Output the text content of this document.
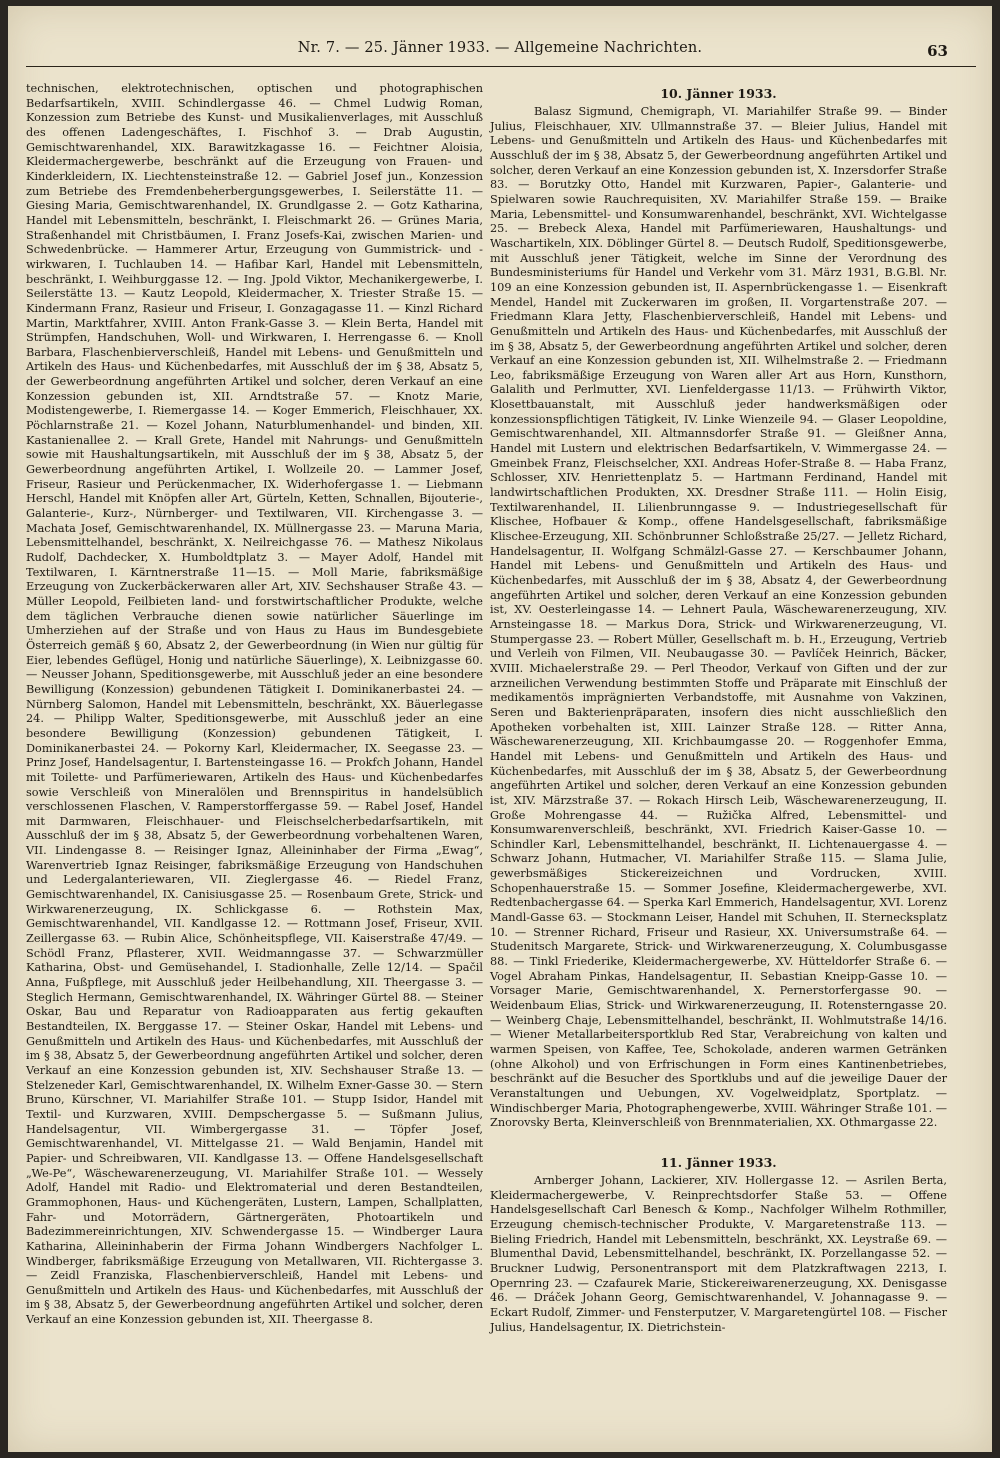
Nr. 7. — 25. Jänner 1933. — Allgemeine Nachrichten.	63

technischen, elektrotechnischen, optischen und photographischen Bedarfsartikeln, XVIII. Schindlergasse 46. — Chmel Ludwig Roman, Konzession zum Betriebe des Kunst- und Musikalienverlages, mit Ausschluß des offenen Ladengeschäftes, I. Fischhof 3. — Drab Augustin, Gemischtwarenhandel, XIX. Barawitzkagasse 16. — Feichtner Aloisia, Kleidermachergewerbe, beschränkt auf die Erzeugung von Frauen- und Kinderkleidern, IX. Liechtensteinstraße 12. — Gabriel Josef jun., Konzession zum Betriebe des Fremdenbeherbergungsgewerbes, I. Seilerstätte 11. — Giesing Maria, Gemischtwarenhandel, IX. Grundlgasse 2. — Gotz Katharina, Handel mit Lebensmitteln, beschränkt, I. Fleischmarkt 26. — Grünes Maria, Straßenhandel mit Christbäumen, I. Franz Josefs-Kai, zwischen Marien- und Schwedenbrücke. — Hammerer Artur, Erzeugung von Gummistrick- und -wirkwaren, I. Tuchlauben 14. — Hafibar Karl, Handel mit Lebensmitteln, beschränkt, I. Weihburggasse 12. — Ing. Jpold Viktor, Mechanikergewerbe, I. Seilerstätte 13. — Kautz Leopold, Kleidermacher, X. Triester Straße 15. — Kindermann Franz, Rasieur und Friseur, I. Gonzagagasse 11. — Kinzl Richard Martin, Marktfahrer, XVIII. Anton Frank-Gasse 3. — Klein Berta, Handel mit Strümpfen, Handschuhen, Woll- und Wirkwaren, I. Herrengasse 6. — Knoll Barbara, Flaschenbierverschleiß, Handel mit Lebens- und Genußmitteln und Artikeln des Haus- und Küchenbedarfes, mit Ausschluß der im § 38, Absatz 5, der Gewerbeordnung angeführten Artikel und solcher, deren Verkauf an eine Konzession gebunden ist, XII. Arndtstraße 57. — Knotz Marie, Modistengewerbe, I. Riemergasse 14. — Koger Emmerich, Fleischhauer, XX. Pöchlarnstraße 21. — Kozel Johann, Naturblumenhandel- und binden, XII. Kastanienallee 2. — Krall Grete, Handel mit Nahrungs- und Genußmitteln sowie mit Haushaltungsartikeln, mit Ausschluß der im § 38, Absatz 5, der Gewerbeordnung angeführten Artikel, I. Wollzeile 20. — Lammer Josef, Friseur, Rasieur und Perückenmacher, IX. Widerhofergasse 1. — Liebmann Herschl, Handel mit Knöpfen aller Art, Gürteln, Ketten, Schnallen, Bijouterie-, Galanterie-, Kurz-, Nürnberger- und Textilwaren, VII. Kirchengasse 3. — Machata Josef, Gemischtwarenhandel, IX. Müllnergasse 23. — Maruna Maria, Lebensmittelhandel, beschränkt, X. Neilreichgasse 76. — Mathesz Nikolaus Rudolf, Dachdecker, X. Humboldtplatz 3. — Mayer Adolf, Handel mit Textilwaren, I. Kärntnerstraße 11—15. — Moll Marie, fabriksmäßige Erzeugung von Zuckerbäckerwaren aller Art, XIV. Sechshauser Straße 43. — Müller Leopold, Feilbieten land- und forstwirtschaftlicher Produkte, welche dem täglichen Verbrauche dienen sowie natürlicher Säuerlinge im Umherziehen auf der Straße und von Haus zu Haus im Bundesgebiete Österreich gemäß § 60, Absatz 2, der Gewerbeordnung (in Wien nur gültig für Eier, lebendes Geflügel, Honig und natürliche Säuerlinge), X. Leibnizgasse 60. — Neusser Johann, Speditionsgewerbe, mit Ausschluß jeder an eine besondere Bewilligung (Konzession) gebundenen Tätigkeit I. Dominikanerbastei 24. — Nürnberg Salomon, Handel mit Lebensmitteln, beschränkt, XX. Bäuerlegasse 24. — Philipp Walter, Speditionsgewerbe, mit Ausschluß jeder an eine besondere Bewilligung (Konzession) gebundenen Tätigkeit, I. Dominikanerbastei 24. — Pokorny Karl, Kleidermacher, IX. Seegasse 23. — Prinz Josef, Handelsagentur, I. Bartensteingasse 16. — Prokfch Johann, Handel mit Toilette- und Parfümeriewaren, Artikeln des Haus- und Küchenbedarfes sowie Verschleiß von Mineralölen und Brennspiritus in handelsüblich verschlossenen Flaschen, V. Ramperstorffergasse 59. — Rabel Josef, Handel mit Darmwaren, Fleischhauer- und Fleischselcherbedarfsartikeln, mit Ausschluß der im § 38, Absatz 5, der Gewerbeordnung vorbehaltenen Waren, VII. Lindengasse 8. — Reisinger Ignaz, Alleininhaber der Firma „Ewag“, Warenvertrieb Ignaz Reisinger, fabriksmäßige Erzeugung von Handschuhen und Ledergalanteriewaren, VII. Zieglergasse 46. — Riedel Franz, Gemischtwarenhandel, IX. Canisiusgasse 25. — Rosenbaum Grete, Strick- und Wirkwarenerzeugung, IX. Schlickgasse 6. — Rothstein Max, Gemischtwarenhandel, VII. Kandlgasse 12. — Rottmann Josef, Friseur, XVII. Zeillergasse 63. — Rubin Alice, Schönheitspflege, VII. Kaiserstraße 47/49. — Schödl Franz, Pflasterer, XVII. Weidmanngasse 37. — Schwarzmüller Katharina, Obst- und Gemüsehandel, I. Stadionhalle, Zelle 12/14. — Spačil Anna, Fußpflege, mit Ausschluß jeder Heilbehandlung, XII. Theergasse 3. — Steglich Hermann, Gemischtwarenhandel, IX. Währinger Gürtel 88. — Steiner Oskar, Bau und Reparatur von Radioapparaten aus fertig gekauften Bestandteilen, IX. Berggasse 17. — Steiner Oskar, Handel mit Lebens- und Genußmitteln und Artikeln des Haus- und Küchenbedarfes, mit Ausschluß der im § 38, Absatz 5, der Gewerbeordnung angeführten Artikel und solcher, deren Verkauf an eine Konzession gebunden ist, XIV. Sechshauser Straße 13. — Stelzeneder Karl, Gemischtwarenhandel, IX. Wilhelm Exner-Gasse 30. — Stern Bruno, Kürschner, VI. Mariahilfer Straße 101. — Stupp Isidor, Handel mit Textil- und Kurzwaren, XVIII. Dempschergasse 5. — Sußmann Julius, Handelsagentur, VII. Wimbergergasse 31. — Töpfer Josef, Gemischtwarenhandel, VI. Mittelgasse 21. — Wald Benjamin, Handel mit Papier- und Schreibwaren, VII. Kandlgasse 13. — Offene Handelsgesellschaft „We-Pe“, Wäschewarenerzeugung, VI. Mariahilfer Straße 101. — Wessely Adolf, Handel mit Radio- und Elektromaterial und deren Bestandteilen, Grammophonen, Haus- und Küchengeräten, Lustern, Lampen, Schallplatten, Fahr- und Motorrädern, Gärtnergeräten, Photoartikeln und Badezimmereinrichtungen, XIV. Schwendergasse 15. — Windberger Laura Katharina, Alleininhaberin der Firma Johann Windbergers Nachfolger L. Windberger, fabriksmäßige Erzeugung von Metallwaren, VII. Richtergasse 3. — Zeidl Franziska, Flaschenbierverschleiß, Handel mit Lebens- und Genußmitteln und Artikeln des Haus- und Küchenbedarfes, mit Ausschluß der im § 38, Absatz 5, der Gewerbeordnung angeführten Artikel und solcher, deren Verkauf an eine Konzession gebunden ist, XII. Theergasse 8.

10. Jänner 1933.

Balasz Sigmund, Chemigraph, VI. Mariahilfer Straße 99. — Binder Julius, Fleischhauer, XIV. Ullmannstraße 37. — Bleier Julius, Handel mit Lebens- und Genußmitteln und Artikeln des Haus- und Küchenbedarfes mit Ausschluß der im § 38, Absatz 5, der Gewerbeordnung angeführten Artikel und solcher, deren Verkauf an eine Konzession gebunden ist, X. Inzersdorfer Straße 83. — Borutzky Otto, Handel mit Kurzwaren, Papier-, Galanterie- und Spielwaren sowie Rauchrequisiten, XV. Mariahilfer Straße 159. — Braike Maria, Lebensmittel- und Konsumwarenhandel, beschränkt, XVI. Wichtelgasse 25. — Brebeck Alexa, Handel mit Parfümeriewaren, Haushaltungs- und Waschartikeln, XIX. Döblinger Gürtel 8. — Deutsch Rudolf, Speditionsgewerbe, mit Ausschluß jener Tätigkeit, welche im Sinne der Verordnung des Bundesministeriums für Handel und Verkehr vom 31. März 1931, B.G.Bl. Nr. 109 an eine Konzession gebunden ist, II. Aspernbrückengasse 1. — Eisenkraft Mendel, Handel mit Zuckerwaren im großen, II. Vorgartenstraße 207. — Friedmann Klara Jetty, Flaschenbierverschleiß, Handel mit Lebens- und Genußmitteln und Artikeln des Haus- und Küchenbedarfes, mit Ausschluß der im § 38, Absatz 5, der Gewerbeordnung angeführten Artikel und solcher, deren Verkauf an eine Konzession gebunden ist, XII. Wilhelmstraße 2. — Friedmann Leo, fabriksmäßige Erzeugung von Waren aller Art aus Horn, Kunsthorn, Galalith und Perlmutter, XVI. Lienfeldergasse 11/13. — Frühwirth Viktor, Klosettbauanstalt, mit Ausschluß jeder handwerksmäßigen oder konzessionspflichtigen Tätigkeit, IV. Linke Wienzeile 94. — Glaser Leopoldine, Gemischtwarenhandel, XII. Altmannsdorfer Straße 91. — Gleißner Anna, Handel mit Lustern und elektrischen Bedarfsartikeln, V. Wimmergasse 24. — Gmeinbek Franz, Fleischselcher, XXI. Andreas Hofer-Straße 8. — Haba Franz, Schlosser, XIV. Henriettenplatz 5. — Hartmann Ferdinand, Handel mit landwirtschaftlichen Produkten, XX. Dresdner Straße 111. — Holin Eisig, Textilwarenhandel, II. Lilienbrunngasse 9. — Industriegesellschaft für Klischee, Hofbauer & Komp., offene Handelsgesellschaft, fabriksmäßige Klischee-Erzeugung, XII. Schönbrunner Schloßstraße 25/27. — Jelletz Richard, Handelsagentur, II. Wolfgang Schmälzl-Gasse 27. — Kerschbaumer Johann, Handel mit Lebens- und Genußmitteln und Artikeln des Haus- und Küchenbedarfes, mit Ausschluß der im § 38, Absatz 4, der Gewerbeordnung angeführten Artikel und solcher, deren Verkauf an eine Konzession gebunden ist, XV. Oesterleingasse 14. — Lehnert Paula, Wäschewarenerzeugung, XIV. Arnsteingasse 18. — Markus Dora, Strick- und Wirkwarenerzeugung, VI. Stumpergasse 23. — Robert Müller, Gesellschaft m. b. H., Erzeugung, Vertrieb und Verleih von Filmen, VII. Neubaugasse 30. — Pavlíček Heinrich, Bäcker, XVIII. Michaelerstraße 29. — Perl Theodor, Verkauf von Giften und der zur arzneilichen Verwendung bestimmten Stoffe und Präparate mit Einschluß der medikamentös imprägnierten Verbandstoffe, mit Ausnahme von Vakzinen, Seren und Bakterienpräparaten, insofern dies nicht ausschließlich den Apotheken vorbehalten ist, XIII. Lainzer Straße 128. — Ritter Anna, Wäschewarenerzeugung, XII. Krichbaumgasse 20. — Roggenhofer Emma, Handel mit Lebens- und Genußmitteln und Artikeln des Haus- und Küchenbedarfes, mit Ausschluß der im § 38, Absatz 5, der Gewerbeordnung angeführten Artikel und solcher, deren Verkauf an eine Konzession gebunden ist, XIV. Märzstraße 37. — Rokach Hirsch Leib, Wäschewarenerzeugung, II. Große Mohrengasse 44. — Ružička Alfred, Lebensmittel- und Konsumwarenverschleiß, beschränkt, XVI. Friedrich Kaiser-Gasse 10. — Schindler Karl, Lebensmittelhandel, beschränkt, II. Lichtenauergasse 4. — Schwarz Johann, Hutmacher, VI. Mariahilfer Straße 115. — Slama Julie, gewerbsmäßiges Stickereizeichnen und Vordrucken, XVIII. Schopenhauerstraße 15. — Sommer Josefine, Kleidermachergewerbe, XVI. Redtenbachergasse 64. — Sperka Karl Emmerich, Handelsagentur, XVI. Lorenz Mandl-Gasse 63. — Stockmann Leiser, Handel mit Schuhen, II. Sternecksplatz 10. — Strenner Richard, Friseur und Rasieur, XX. Universumstraße 64. — Studenitsch Margarete, Strick- und Wirkwarenerzeugung, X. Columbusgasse 88. — Tinkl Friederike, Kleidermachergewerbe, XV. Hütteldorfer Straße 6. — Vogel Abraham Pinkas, Handelsagentur, II. Sebastian Kneipp-Gasse 10. — Vorsager Marie, Gemischtwarenhandel, X. Pernerstorfergasse 90. — Weidenbaum Elias, Strick- und Wirkwarenerzeugung, II. Rotensterngasse 20. — Weinberg Chaje, Lebensmittelhandel, beschränkt, II. Wohlmutstraße 14/16. — Wiener Metallarbeitersportklub Red Star, Verabreichung von kalten und warmen Speisen, von Kaffee, Tee, Schokolade, anderen warmen Getränken (ohne Alkohol) und von Erfrischungen in Form eines Kantinenbetriebes, beschränkt auf die Besucher des Sportklubs und auf die jeweilige Dauer der Veranstaltungen und Uebungen, XV. Vogelweidplatz, Sportplatz. — Windischberger Maria, Photographengewerbe, XVIII. Währinger Straße 101. — Znorovsky Berta, Kleinverschleiß von Brennmaterialien, XX. Othmargasse 22.

11. Jänner 1933.

Arnberger Johann, Lackierer, XIV. Hollergasse 12. — Asrilen Berta, Kleidermachergewerbe, V. Reinprechtsdorfer Staße 53. — Offene Handelsgesellschaft Carl Benesch & Komp., Nachfolger Wilhelm Rothmiller, Erzeugung chemisch-technischer Produkte, V. Margaretenstraße 113. — Bieling Friedrich, Handel mit Lebensmitteln, beschränkt, XX. Leystraße 69. — Blumenthal David, Lebensmittelhandel, beschränkt, IX. Porzellangasse 52. — Bruckner Ludwig, Personentransport mit dem Platzkraftwagen 2213, I. Opernring 23. — Czafaurek Marie, Stickereiwarenerzeugung, XX. Denisgasse 46. — Dráček Johann Georg, Gemischtwarenhandel, V. Johannagasse 9. — Eckart Rudolf, Zimmer- und Fensterputzer, V. Margaretengürtel 108. — Fischer Julius, Handelsagentur, IX. Dietrichstein-
